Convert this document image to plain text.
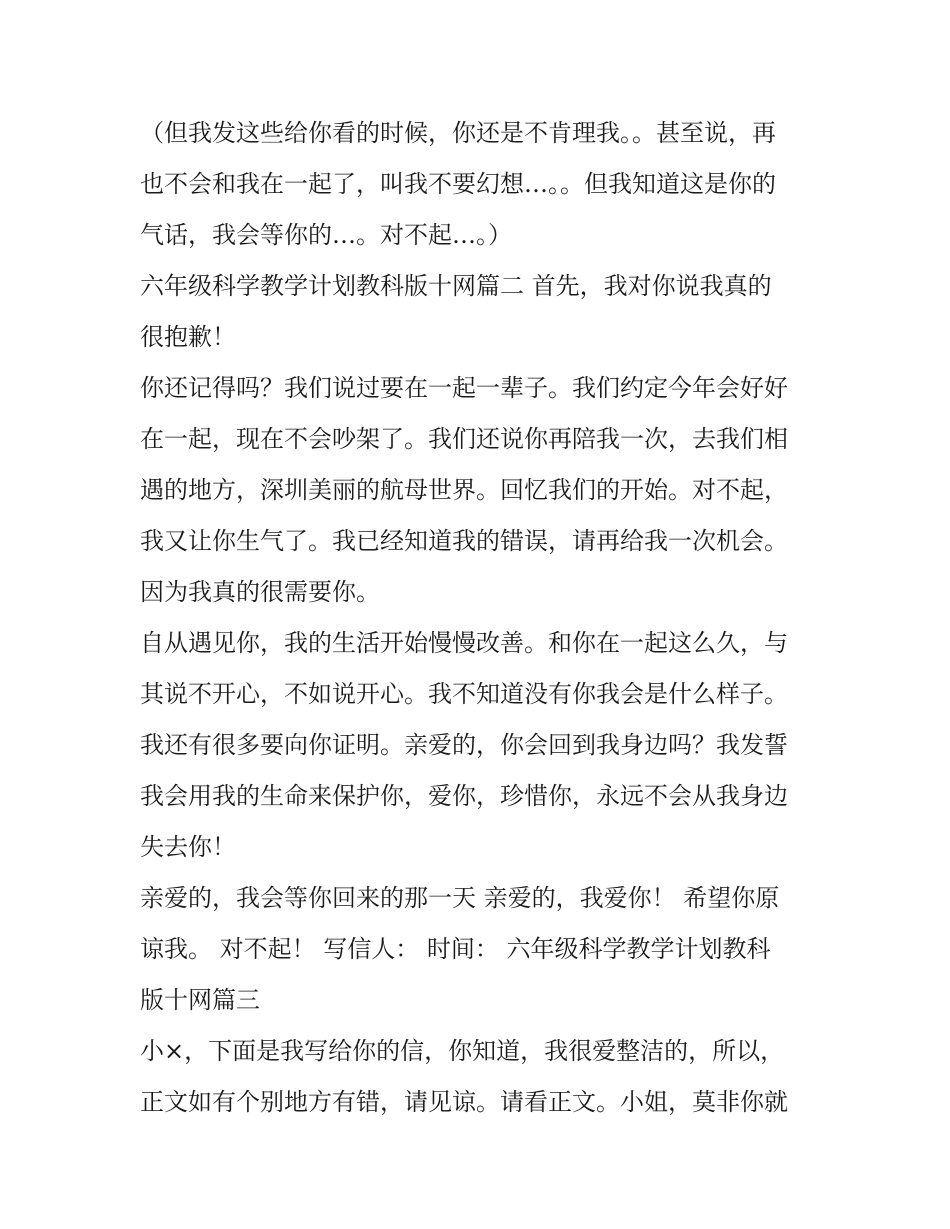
（但我发这些给你看的时候，你还是不肯理我。。甚至说，再
也不会和我在一起了，叫我不要幻想…。。但我知道这是你的
气话，我会等你的…。对不起…。）
六年级科学教学计划教科版十网篇二 首先，我对你说我真的
很抱歉！
你还记得吗？我们说过要在一起一辈子。我们约定今年会好好
在一起，现在不会吵架了。我们还说你再陪我一次，去我们相
遇的地方，深圳美丽的航母世界。回忆我们的开始。对不起，
我又让你生气了。我已经知道我的错误，请再给我一次机会。
因为我真的很需要你。
自从遇见你，我的生活开始慢慢改善。和你在一起这么久，与
其说不开心，不如说开心。我不知道没有你我会是什么样子。
我还有很多要向你证明。亲爱的，你会回到我身边吗？我发誓
我会用我的生命来保护你，爱你，珍惜你，永远不会从我身边
失去你！
亲爱的，我会等你回来的那一天 亲爱的，我爱你！ 希望你原
谅我。 对不起！ 写信人： 时间： 六年级科学教学计划教科
版十网篇三
小×，下面是我写给你的信，你知道，我很爱整洁的，所以，
正文如有个别地方有错，请见谅。请看正文。小姐，莫非你就
